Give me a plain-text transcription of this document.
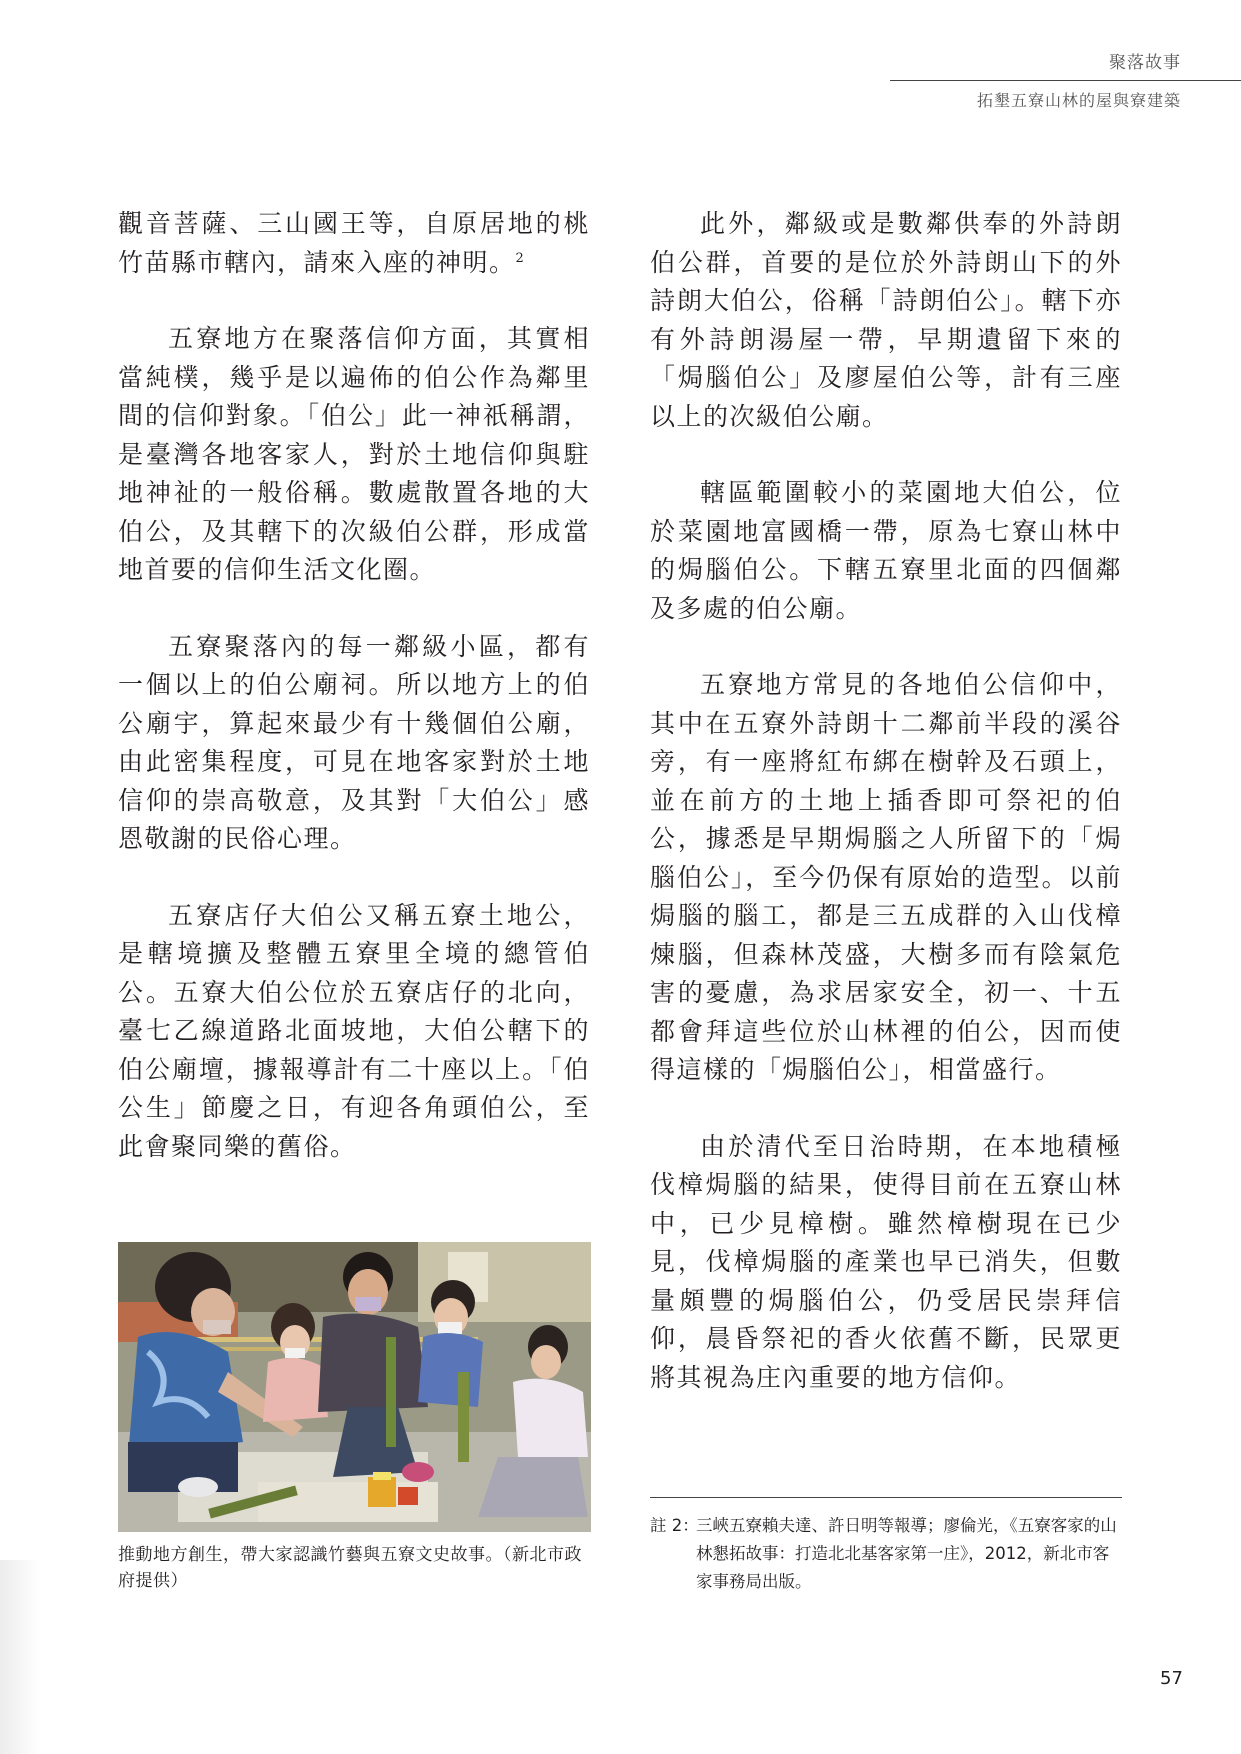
聚落故事
拓墾五寮山林的屋與寮建築

觀音菩薩、三山國王等，自原居地的桃竹苗縣市轄內，請來入座的神明。$^2$

五寮地方在聚落信仰方面，其實相當純樸，幾乎是以遍佈的伯公作為鄰里間的信仰對象。「伯公」此一神祇稱謂，是臺灣各地客家人，對於土地信仰與駐地神祉的一般俗稱。數處散置各地的大伯公，及其轄下的次級伯公群，形成當地首要的信仰生活文化圈。

五寮聚落內的每一鄰級小區，都有一個以上的伯公廟祠。所以地方上的伯公廟宇，算起來最少有十幾個伯公廟，由此密集程度，可見在地客家對於土地信仰的崇高敬意，及其對「大伯公」感恩敬謝的民俗心理。

五寮店仔大伯公又稱五寮土地公，是轄境擴及整體五寮里全境的總管伯公。五寮大伯公位於五寮店仔的北向，臺七乙線道路北面坡地，大伯公轄下的伯公廟壇，據報導計有二十座以上。「伯公生」節慶之日，有迎各角頭伯公，至此會聚同樂的舊俗。

此外，鄰級或是數鄰供奉的外詩朗伯公群，首要的是位於外詩朗山下的外詩朗大伯公，俗稱「詩朗伯公」。轄下亦有外詩朗湯屋一帶，早期遺留下來的「焗腦伯公」及廖屋伯公等，計有三座以上的次級伯公廟。

轄區範圍較小的菜園地大伯公，位於菜園地富國橋一帶，原為七寮山林中的焗腦伯公。下轄五寮里北面的四個鄰及多處的伯公廟。

五寮地方常見的各地伯公信仰中，其中在五寮外詩朗十二鄰前半段的溪谷旁，有一座將紅布綁在樹幹及石頭上，並在前方的土地上插香即可祭祀的伯公，據悉是早期焗腦之人所留下的「焗腦伯公」，至今仍保有原始的造型。以前焗腦的腦工，都是三五成群的入山伐樟煉腦，但森林茂盛，大樹多而有陰氣危害的憂慮，為求居家安全，初一、十五都會拜這些位於山林裡的伯公，因而使得這樣的「焗腦伯公」，相當盛行。

由於清代至日治時期，在本地積極伐樟焗腦的結果，使得目前在五寮山林中，已少見樟樹。雖然樟樹現在已少見，伐樟焗腦的產業也早已消失，但數量頗豐的焗腦伯公，仍受居民崇拜信仰，晨昏祭祀的香火依舊不斷，民眾更將其視為庄內重要的地方信仰。

推動地方創生，帶大家認識竹藝與五寮文史故事。（新北市政府提供）
註 2：
三峽五寮賴夫達、許日明等報導；廖倫光，《五寮客家的山林懇拓故事：打造北北基客家第一庄》，2012，新北市客家事務局出版。
57
